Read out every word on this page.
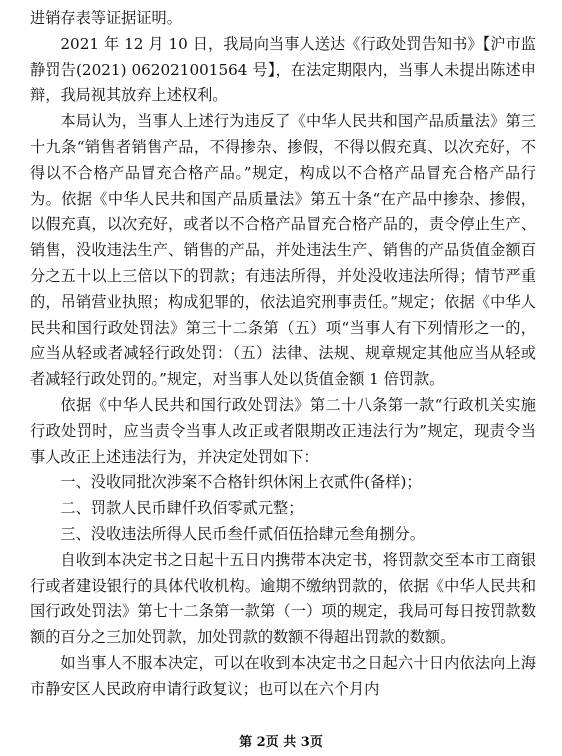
进销存表等证据证明。

2021 年 12 月 10 日，我局向当事人送达《行政处罚告知书》【沪市监静罚告(2021) 062021001564 号】，在法定期限内，当事人未提出陈述申辩，我局视其放弃上述权利。

本局认为，当事人上述行为违反了《中华人民共和国产品质量法》第三十九条“销售者销售产品，不得掺杂、掺假，不得以假充真、以次充好，不得以不合格产品冒充合格产品。”规定，构成以不合格产品冒充合格产品行为。依据《中华人民共和国产品质量法》第五十条“在产品中掺杂、掺假，以假充真，以次充好，或者以不合格产品冒充合格产品的，责令停止生产、销售，没收违法生产、销售的产品，并处违法生产、销售的产品货值金额百分之五十以上三倍以下的罚款；有违法所得，并处没收违法所得；情节严重的，吊销营业执照；构成犯罪的，依法追究刑事责任。”规定；依据《中华人民共和国行政处罚法》第三十二条第（五）项“当事人有下列情形之一的，应当从轻或者减轻行政处罚：（五）法律、法规、规章规定其他应当从轻或者减轻行政处罚的。”规定，对当事人处以货值金额 1 倍罚款。

依据《中华人民共和国行政处罚法》第二十八条第一款“行政机关实施行政处罚时，应当责令当事人改正或者限期改正违法行为”规定，现责令当事人改正上述违法行为，并决定处罚如下：

一、没收同批次涉案不合格针织休闲上衣贰件(备样)；

二、罚款人民币肆仟玖佰零贰元整；

三、没收违法所得人民币叁仟贰佰伍拾肆元叁角捌分。

自收到本决定书之日起十五日内携带本决定书，将罚款交至本市工商银行或者建设银行的具体代收机构。逾期不缴纳罚款的，依据《中华人民共和国行政处罚法》第七十二条第一款第（一）项的规定，我局可每日按罚款数额的百分之三加处罚款，加处罚款的数额不得超出罚款的数额。

如当事人不服本决定，可以在收到本决定书之日起六十日内依法向上海市静安区人民政府申请行政复议；也可以在六个月内

第 2页 共 3页
